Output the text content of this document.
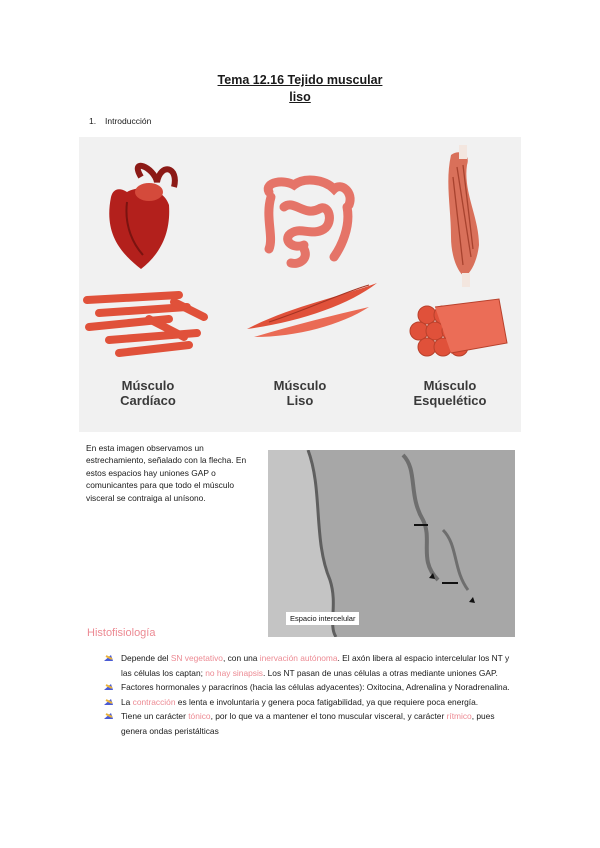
Tema 12.16 Tejido muscular
liso
1. Introducción
Músculo
Cardíaco
Músculo
Liso
Músculo
Esquelético
En esta imagen observamos un estrechamiento, señalado con la flecha. En estos espacios hay uniones GAP o comunicantes para que todo el músculo visceral se contraiga al unísono.
Espacio intercelular
Histofisiología

Depende del SN vegetativo, con una inervación autónoma. El axón libera al espacio intercelular los NT y las células los captan; no hay sinapsis. Los NT pasan de unas células a otras mediante uniones GAP.

Factores hormonales y paracrinos (hacia las células adyacentes): Oxitocina, Adrenalina y Noradrenalina.

La contracción es lenta e involuntaria y genera poca fatigabilidad, ya que requiere poca energía.

Tiene un carácter tónico, por lo que va a mantener el tono muscular visceral, y carácter rítmico, pues genera ondas peristálticas
